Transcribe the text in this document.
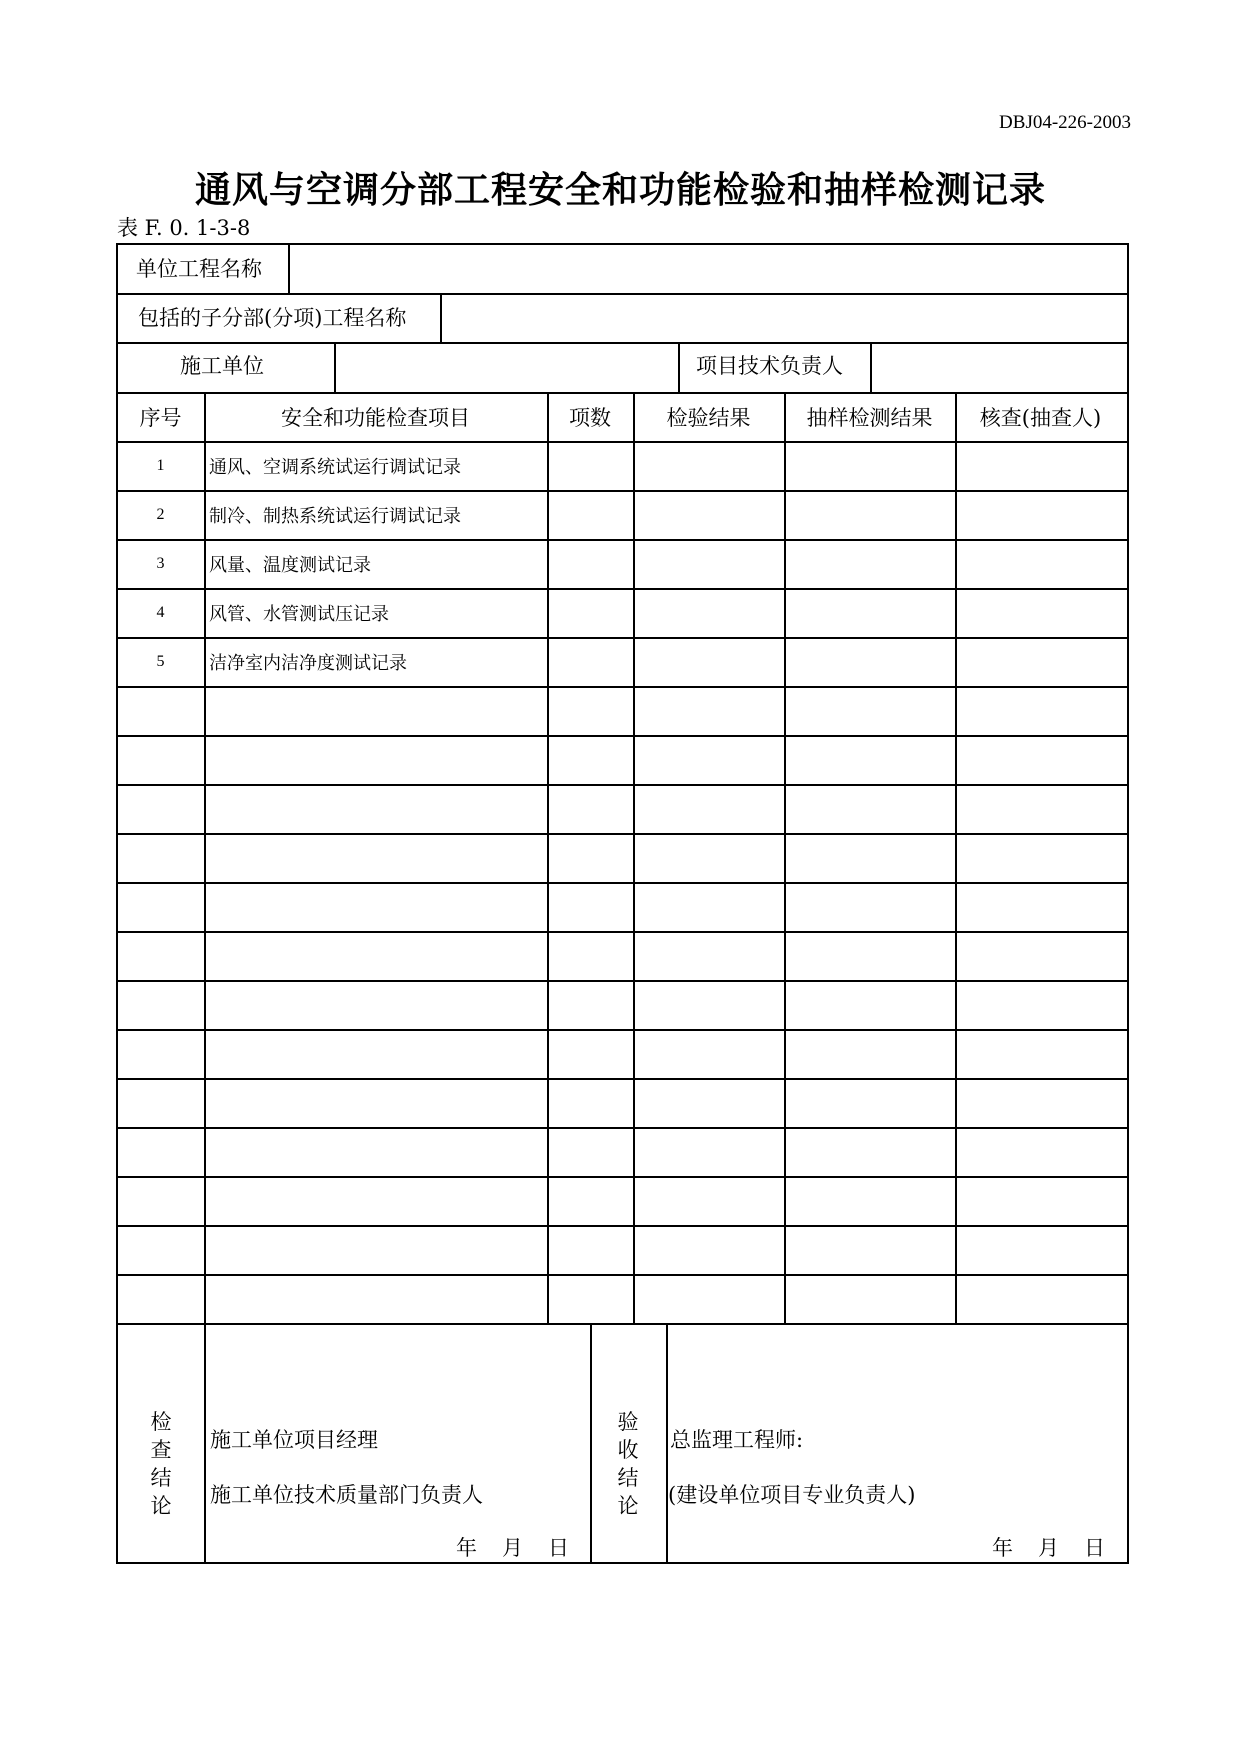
DBJ04-226-2003
通风与空调分部工程安全和功能检验和抽样检测记录
表 F. 0. 1-3-8
单位工程名称
包括的子分部(分项)工程名称
施工单位	项目技术负责人
序号	安全和功能检查项目	项数	检验结果	抽样检测结果	核查(抽查人)
1	通风、空调系统试运行调试记录
2	制冷、制热系统试运行调试记录
3	风量、温度测试记录
4	风管、水管测试压记录
5	洁净室内洁净度测试记录
检
查
结
论
施工单位项目经理
施工单位技术质量部门负责人
年　月　日
验
收
结
论
总监理工程师:
(建设单位项目专业负责人)
年　月　日
